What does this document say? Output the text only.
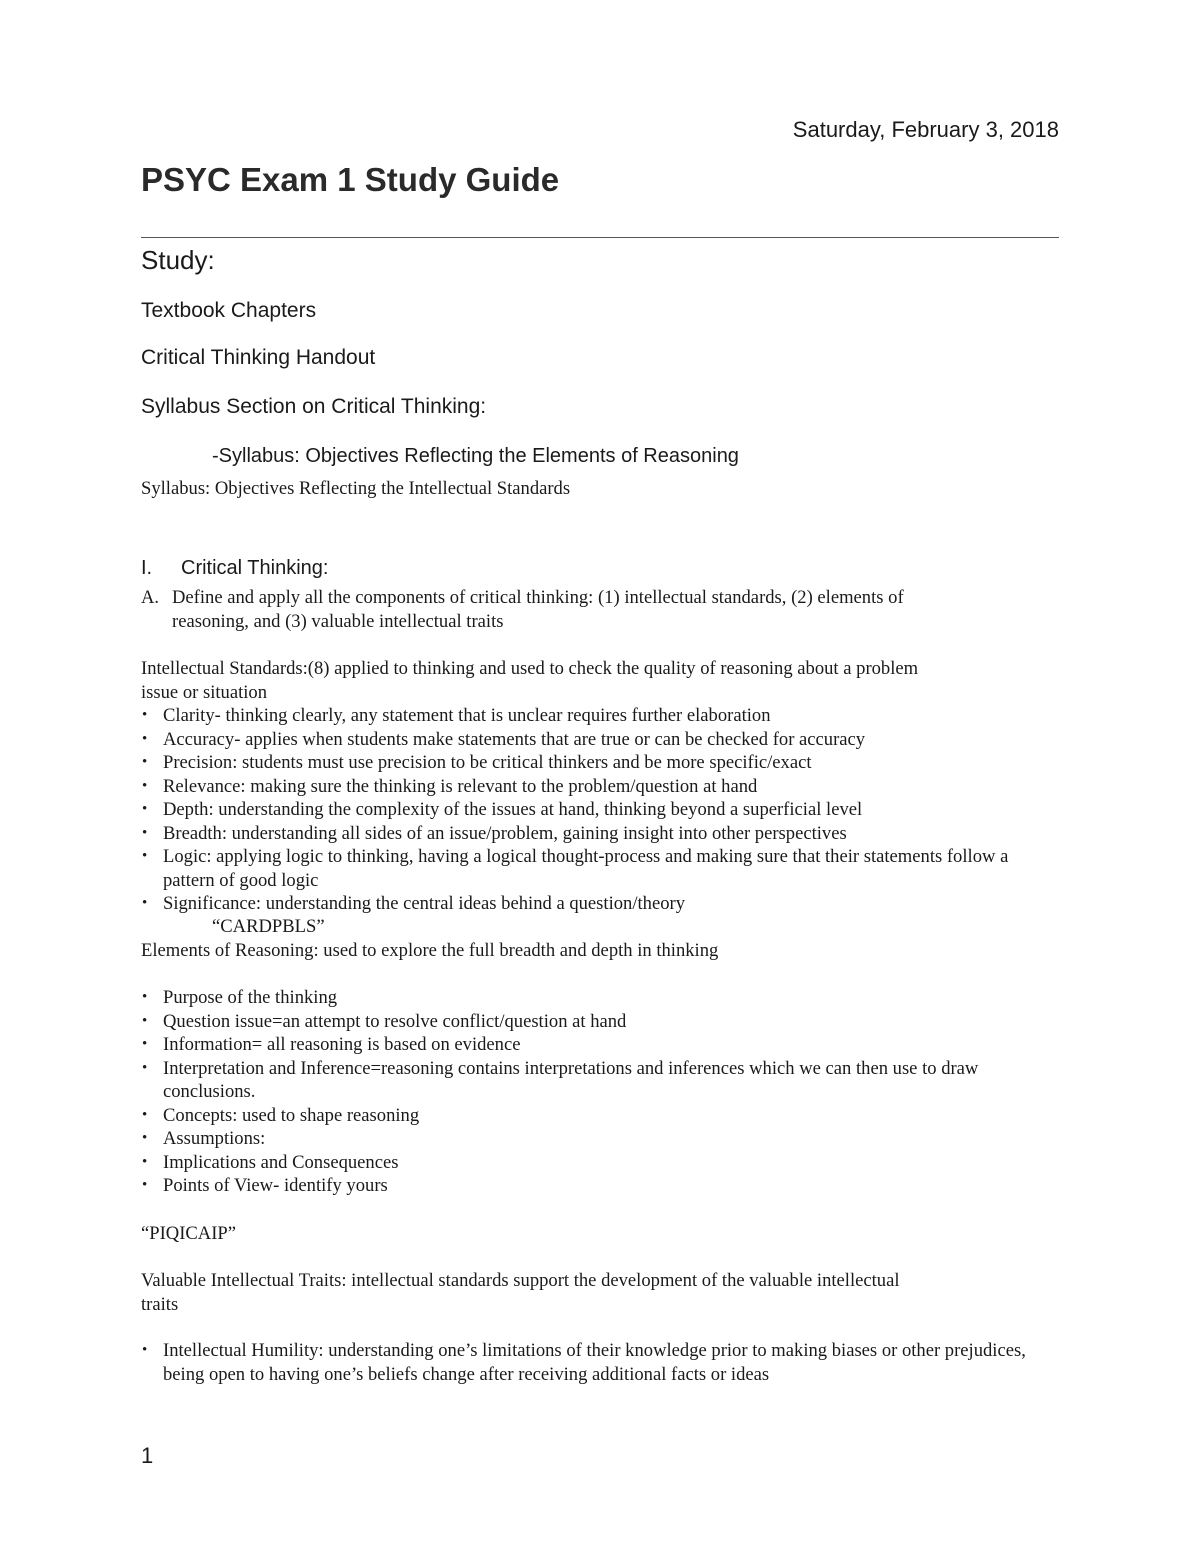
Saturday, February 3, 2018
PSYC Exam 1 Study Guide
Study:
Textbook Chapters
Critical Thinking Handout
Syllabus Section on Critical Thinking:
-Syllabus: Objectives Reflecting the Elements of Reasoning
Syllabus: Objectives Reflecting the Intellectual Standards
I. Critical Thinking:
A. Define and apply all the components of critical thinking: (1) intellectual standards, (2) elements of
reasoning, and (3) valuable intellectual traits
Intellectual Standards:(8) applied to thinking and used to check the quality of reasoning about a problem
issue or situation
• Clarity- thinking clearly, any statement that is unclear requires further elaboration
• Accuracy- applies when students make statements that are true or can be checked for accuracy
• Precision: students must use precision to be critical thinkers and be more specific/exact
• Relevance: making sure the thinking is relevant to the problem/question at hand
• Depth: understanding the complexity of the issues at hand, thinking beyond a superficial level
• Breadth: understanding all sides of an issue/problem, gaining insight into other perspectives
• Logic: applying logic to thinking, having a logical thought-process and making sure that their statements follow a pattern of good logic
• Significance: understanding the central ideas behind a question/theory
“CARDPBLS”
Elements of Reasoning: used to explore the full breadth and depth in thinking
• Purpose of the thinking
• Question issue=an attempt to resolve conflict/question at hand
• Information= all reasoning is based on evidence
• Interpretation and Inference=reasoning contains interpretations and inferences which we can then use to draw conclusions.
• Concepts: used to shape reasoning
• Assumptions:
• Implications and Consequences
• Points of View- identify yours
“PIQICAIP”
Valuable Intellectual Traits: intellectual standards support the development of the valuable intellectual
traits
• Intellectual Humility: understanding one’s limitations of their knowledge prior to making biases or other prejudices, being open to having one’s beliefs change after receiving additional facts or ideas
1
